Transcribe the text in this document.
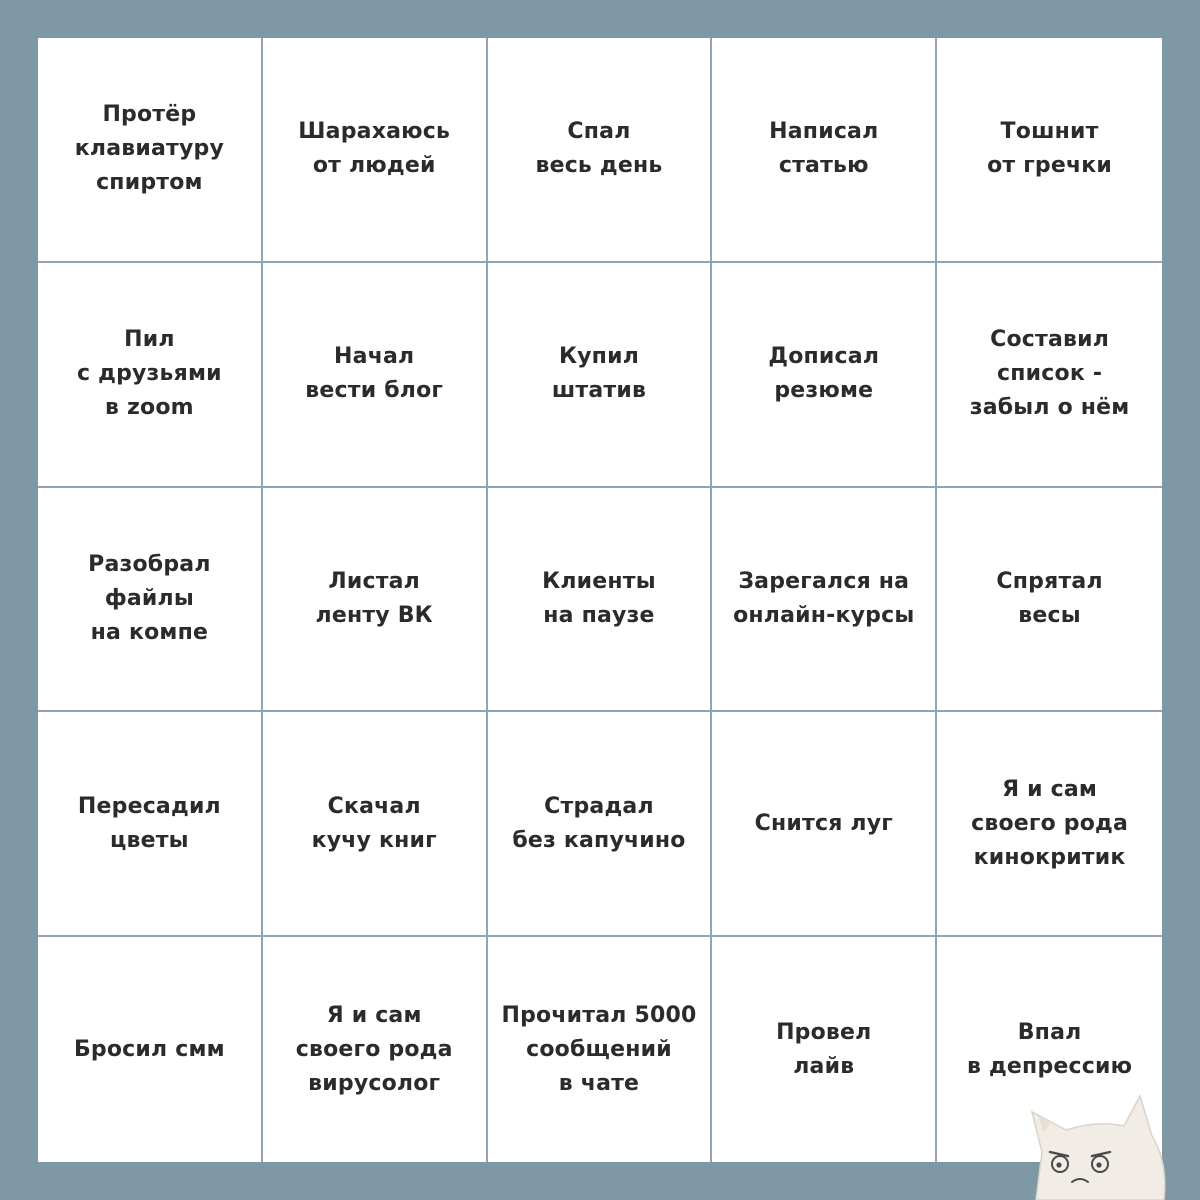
Протёр
клавиатуру
спиртом
Шарахаюсь
от людей
Спал
весь день
Написал
статью
Тошнит
от гречки
Пил
с друзьями
в zoom
Начал
вести блог
Купил
штатив
Дописал
резюме
Составил
список -
забыл о нём
Разобрал
файлы
на компе
Листал
ленту ВК
Клиенты
на паузе
Зарегался на
онлайн-курсы
Спрятал
весы
Пересадил
цветы
Скачал
кучу книг
Страдал
без капучино
Снится луг
Я и сам
своего рода
кинокритик
Бросил смм
Я и сам
своего рода
вирусолог
Прочитал 5000
сообщений
в чате
Провел
лайв
Впал
в депрессию
